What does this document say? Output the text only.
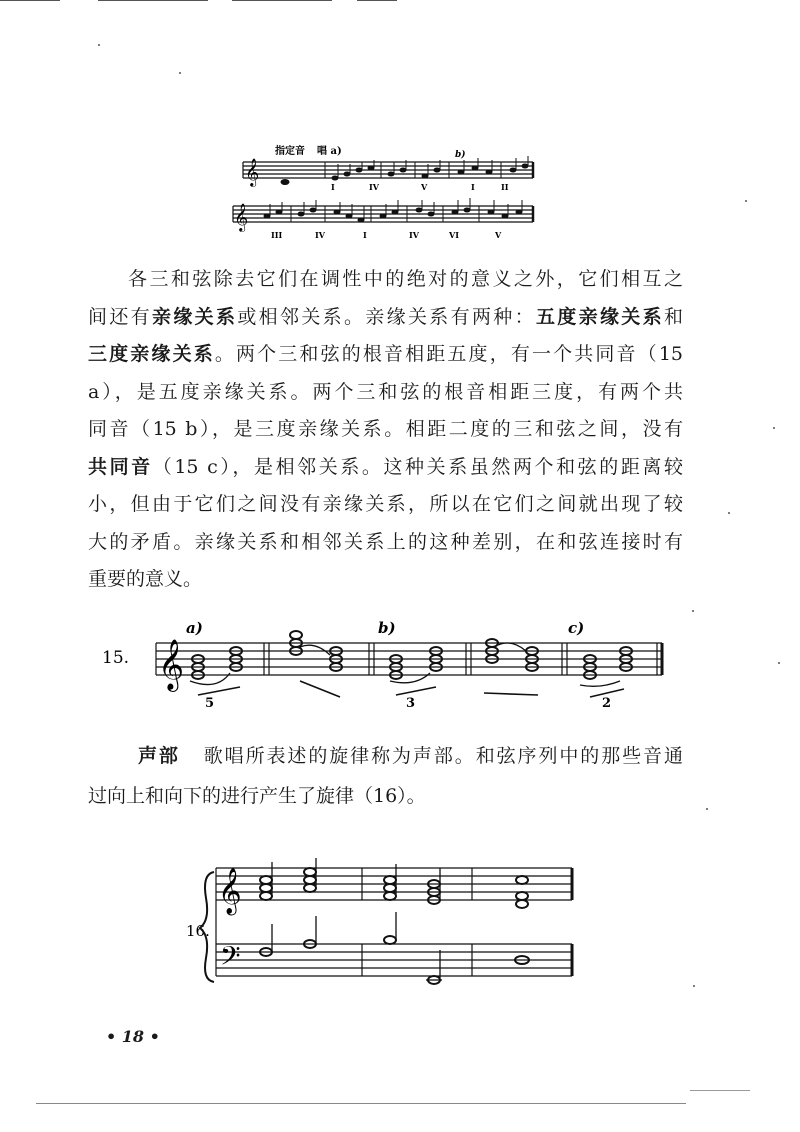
指定音 唱 a)	b)
𝄞
I	IV	V	I	II
𝄞
III	IV	I	IV	VI	V
各三和弦除去它们在调性中的绝对的意义之外，它们相互之
间还有亲缘关系或相邻关系。亲缘关系有两种：五度亲缘关系和
三度亲缘关系。两个三和弦的根音相距五度，有一个共同音（15
a），是五度亲缘关系。两个三和弦的根音相距三度，有两个共
同音（15 b），是三度亲缘关系。相距二度的三和弦之间，没有
共同音（15 c），是相邻关系。这种关系虽然两个和弦的距离较
小，但由于它们之间没有亲缘关系，所以在它们之间就出现了较
大的矛盾。亲缘关系和相邻关系上的这种差别，在和弦连接时有
重要的意义。
15. 𝄞
a)	b)	c)
5	3	2
声部 歌唱所表述的旋律称为声部。和弦序列中的那些音通
过向上和向下的进行产生了旋律（16）。
16.
𝄞
𝄢
• 18 •
